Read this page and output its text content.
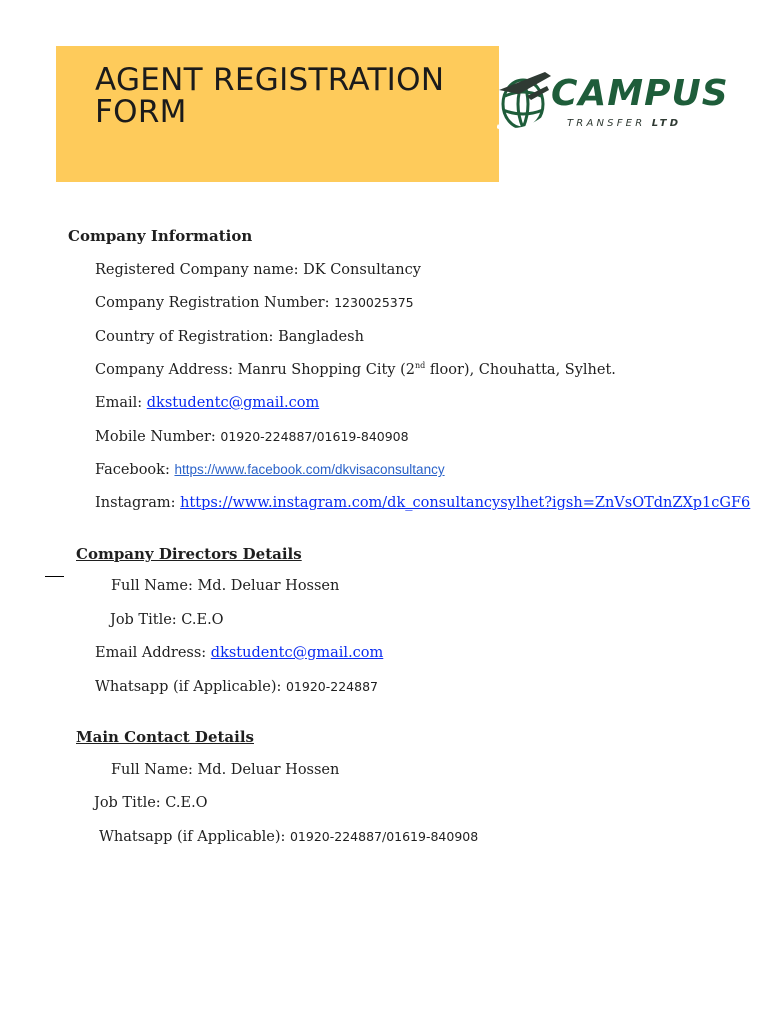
AGENT REGISTRATION
FORM	CAMPUS
TRANSFER LTD
Company Information
Registered Company name: DK Consultancy
Company Registration Number: 1230025375
Country of Registration: Bangladesh
Company Address: Manru Shopping City (2nd floor), Chouhatta, Sylhet.
Email: dkstudentc@gmail.com
Mobile Number: 01920-224887/01619-840908
Facebook: https://www.facebook.com/dkvisaconsultancy
Instagram: https://www.instagram.com/dk_consultancysylhet?igsh=ZnVsOTdnZXp1cGF6
Company Directors Details
Full Name: Md. Deluar Hossen
Job Title: C.E.O
Email Address: dkstudentc@gmail.com
Whatsapp (if Applicable): 01920-224887
Main Contact Details
Full Name: Md. Deluar Hossen
Job Title: C.E.O
Whatsapp (if Applicable): 01920-224887/01619-840908
